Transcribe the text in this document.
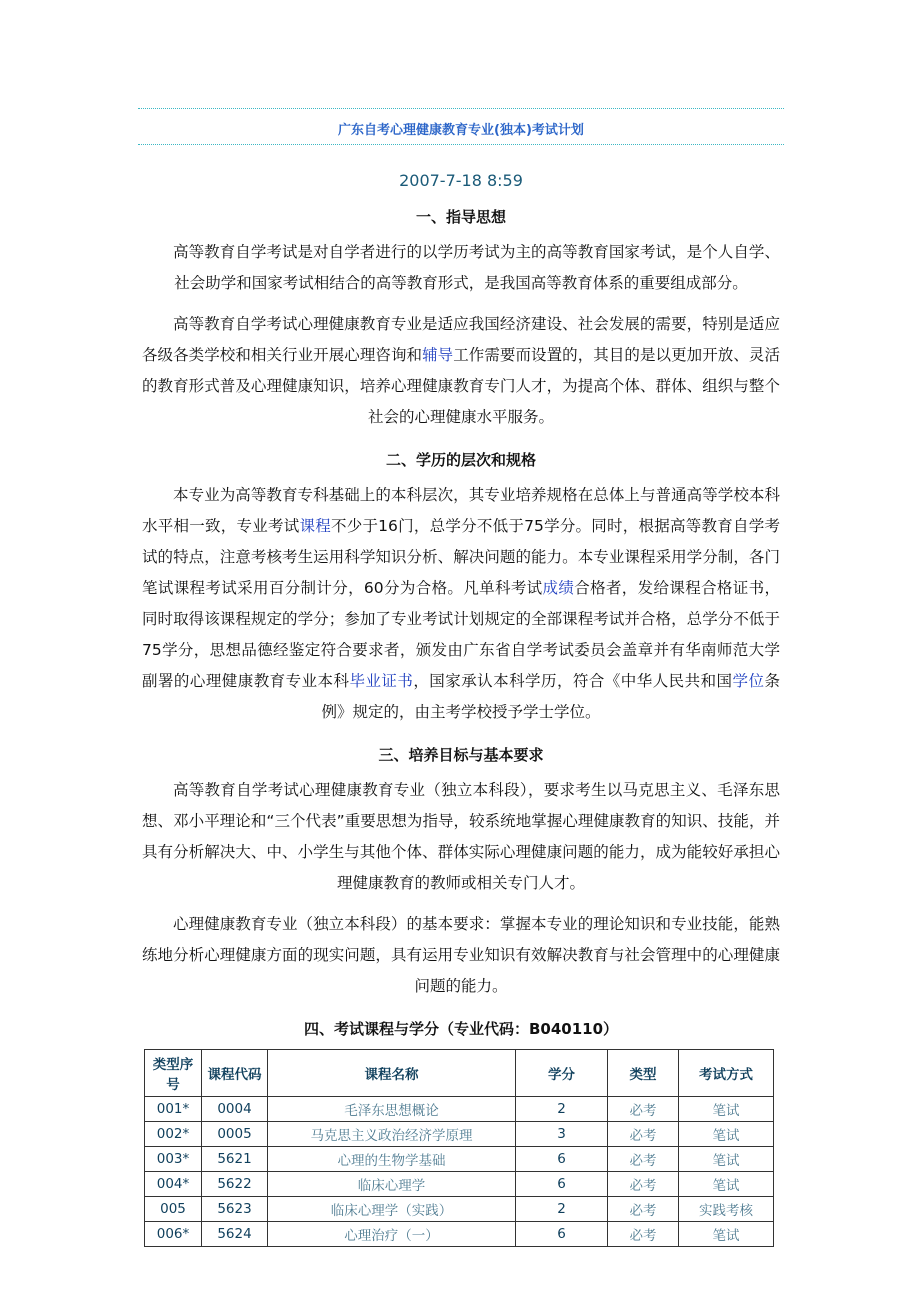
广东自考心理健康教育专业(独本)考试计划
2007-7-18 8:59
一、指导思想

高等教育自学考试是对自学者进行的以学历考试为主的高等教育国家考试，是个人自学、社会助学和国家考试相结合的高等教育形式，是我国高等教育体系的重要组成部分。

高等教育自学考试心理健康教育专业是适应我国经济建设、社会发展的需要，特别是适应各级各类学校和相关行业开展心理咨询和辅导工作需要而设置的，其目的是以更加开放、灵活的教育形式普及心理健康知识，培养心理健康教育专门人才，为提高个体、群体、组织与整个社会的心理健康水平服务。

二、学历的层次和规格

本专业为高等教育专科基础上的本科层次，其专业培养规格在总体上与普通高等学校本科水平相一致，专业考试课程不少于16门，总学分不低于75学分。同时，根据高等教育自学考试的特点，注意考核考生运用科学知识分析、解决问题的能力。本专业课程采用学分制，各门笔试课程考试采用百分制计分，60分为合格。凡单科考试成绩合格者，发给课程合格证书，同时取得该课程规定的学分；参加了专业考试计划规定的全部课程考试并合格，总学分不低于75学分，思想品德经鉴定符合要求者，颁发由广东省自学考试委员会盖章并有华南师范大学副署的心理健康教育专业本科毕业证书，国家承认本科学历，符合《中华人民共和国学位条例》规定的，由主考学校授予学士学位。

三、培养目标与基本要求

高等教育自学考试心理健康教育专业（独立本科段），要求考生以马克思主义、毛泽东思想、邓小平理论和“三个代表”重要思想为指导，较系统地掌握心理健康教育的知识、技能，并具有分析解决大、中、小学生与其他个体、群体实际心理健康问题的能力，成为能较好承担心理健康教育的教师或相关专门人才。

心理健康教育专业（独立本科段）的基本要求：掌握本专业的理论知识和专业技能，能熟练地分析心理健康方面的现实问题，具有运用专业知识有效解决教育与社会管理中的心理健康问题的能力。

四、考试课程与学分（专业代码：B040110）
类型序号	课程代码	课程名称	学分	类型	考试方式
001*	0004	毛泽东思想概论	2	必考	笔试
002*	0005	马克思主义政治经济学原理	3	必考	笔试
003*	5621	心理的生物学基础	6	必考	笔试
004*	5622	临床心理学	6	必考	笔试
005	5623	临床心理学（实践）	2	必考	实践考核
006*	5624	心理治疗（一）	6	必考	笔试
